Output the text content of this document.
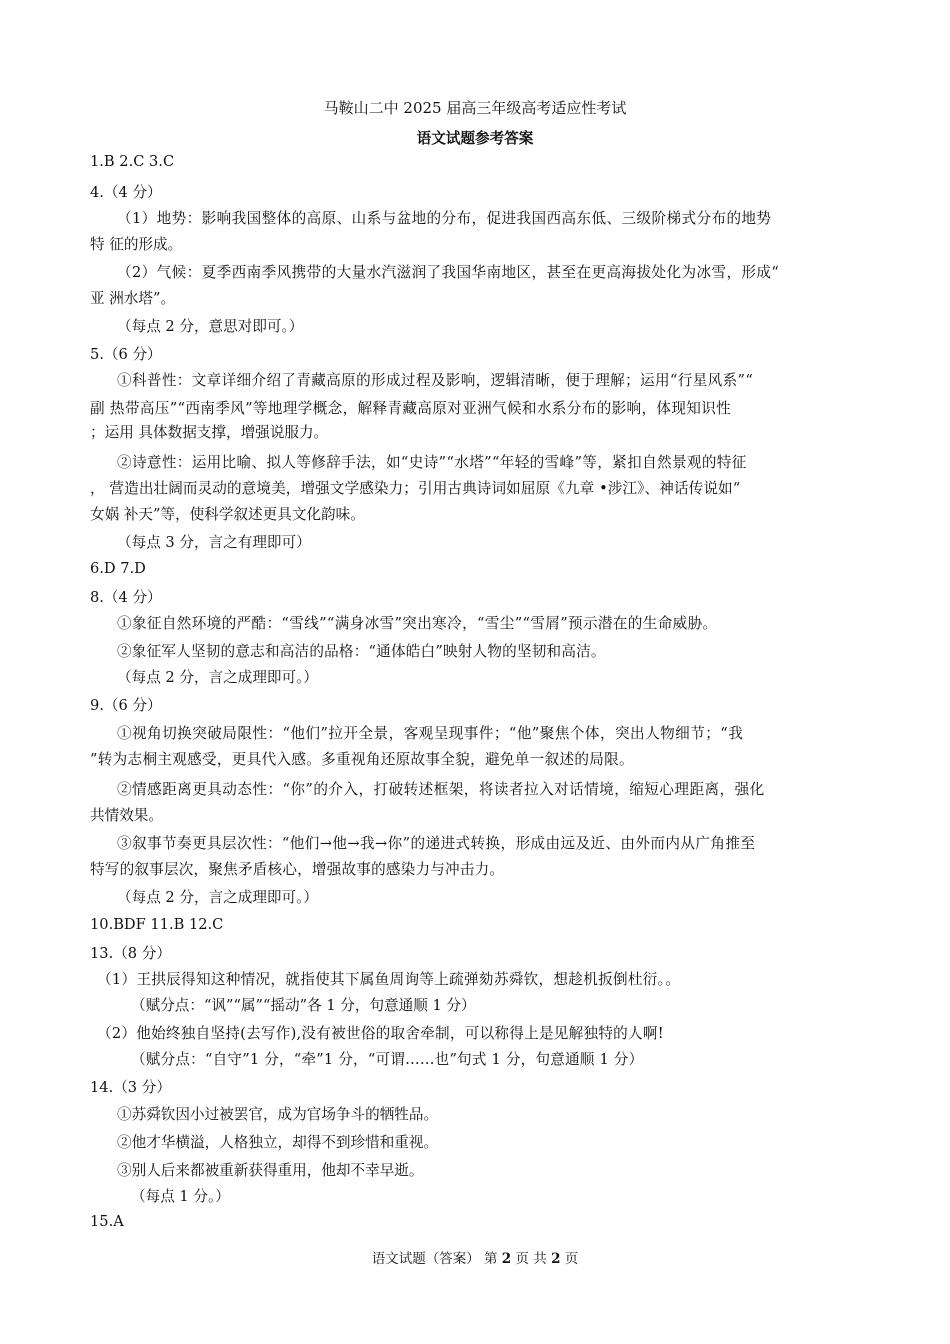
马鞍山二中 2025 届高三年级高考适应性考试
语文试题参考答案
1.B 2.C 3.C
4.（4 分）
（1）地势：影响我国整体的高原、山系与盆地的分布，促进我国西高东低、三级阶梯式分布的地势
特 征的形成。
（2）气候：夏季西南季风携带的大量水汽滋润了我国华南地区，甚至在更高海拔处化为冰雪，形成“
亚 洲水塔”。
（每点 2 分，意思对即可。）
5.（6 分）
①科普性：文章详细介绍了青藏高原的形成过程及影响，逻辑清晰，便于理解；运用“行星风系”“
副 热带高压”“西南季风”等地理学概念，解释青藏高原对亚洲气候和水系分布的影响，体现知识性
；运用 具体数据支撑，增强说服力。
②诗意性：运用比喻、拟人等修辞手法，如“史诗”“水塔”“年轻的雪峰”等，紧扣自然景观的特征
， 营造出壮阔而灵动的意境美，增强文学感染力；引用古典诗词如屈原《九章 •涉江》、神话传说如“
女娲 补天”等，使科学叙述更具文化韵味。
（每点 3 分，言之有理即可）
6.D 7.D
8.（4 分）
①象征自然环境的严酷：“雪线”“满身冰雪”突出寒冷，“雪尘”“雪屑”预示潜在的生命威胁。
②象征军人坚韧的意志和高洁的品格：“通体皓白”映射人物的坚韧和高洁。
（每点 2 分，言之成理即可。）
9.（6 分）
①视角切换突破局限性：“他们”拉开全景，客观呈现事件；“他”聚焦个体，突出人物细节；“我
”转为志桐主观感受，更具代入感。多重视角还原故事全貌，避免单一叙述的局限。
②情感距离更具动态性：“你”的介入，打破转述框架，将读者拉入对话情境，缩短心理距离，强化
共情效果。
③叙事节奏更具层次性：“他们→他→我→你”的递进式转换，形成由远及近、由外而内从广角推至
特写的叙事层次，聚焦矛盾核心，增强故事的感染力与冲击力。
（每点 2 分，言之成理即可。）
10.BDF 11.B 12.C
13.（8 分）
（1）王拱辰得知这种情况，就指使其下属鱼周询等上疏弹劾苏舜钦，想趁机扳倒杜衍。。
（赋分点：“讽”“属”“摇动”各 1 分，句意通顺 1 分）
（2）他始终独自坚持(去写作),没有被世俗的取舍牵制，可以称得上是见解独特的人啊!
（赋分点：“自守”1 分，“牵”1 分，“可谓……也”句式 1 分，句意通顺 1 分）
14.（3 分）
①苏舜钦因小过被罢官，成为官场争斗的牺牲品。
②他才华横溢，人格独立，却得不到珍惜和重视。
③别人后来都被重新获得重用，他却不幸早逝。
（每点 1 分。）
15.A
语文试题（答案） 第 2 页 共 2 页
